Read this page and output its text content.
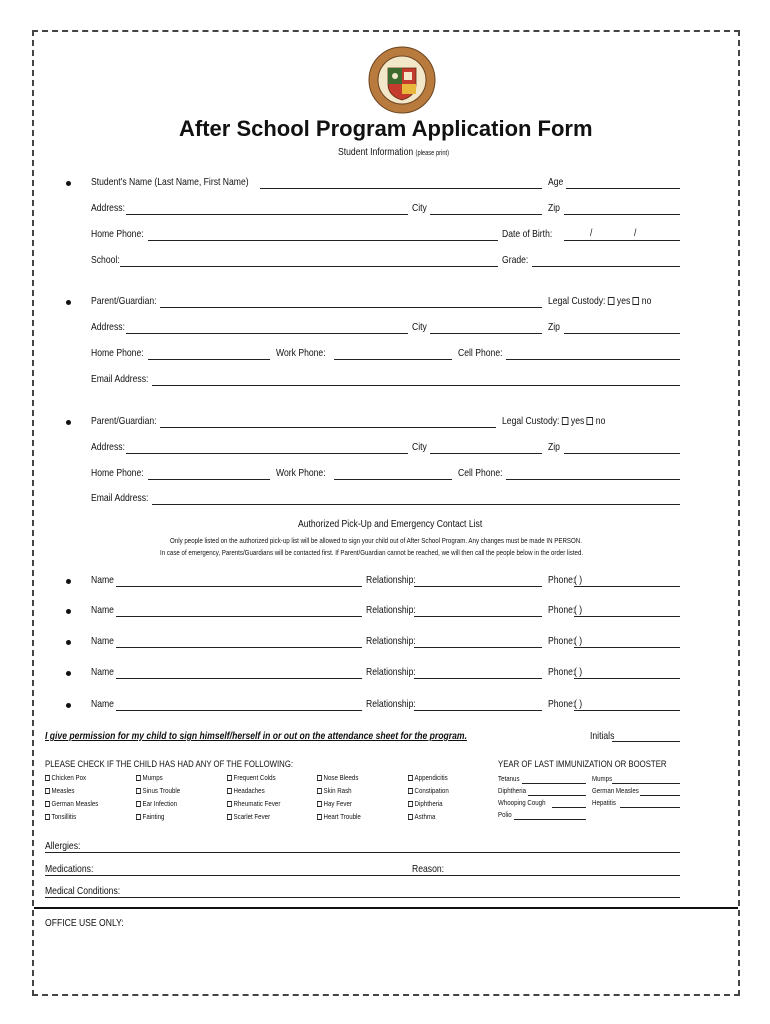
After School Program Application Form
Student Information (please print)
Student's Name (Last Name, First Name)	Age
Address:	City	Zip
Home Phone:	Date of Birth:	/	/
School:	Grade:
Parent/Guardian:	Legal Custody: yes no
Address:	City	Zip
Home Phone:	Work Phone:	Cell Phone:
Email Address:
Parent/Guardian:	Legal Custody: yes no
Address:	City	Zip
Home Phone:	Work Phone:	Cell Phone:
Email Address:
Authorized Pick-Up and Emergency Contact List
Only people listed on the authorized pick-up list will be allowed to sign your child out of After School Program. Any changes must be made IN PERSON.
In case of emergency, Parents/Guardians will be contacted first. If Parent/Guardian cannot be reached, we will then call the people below in the order listed.
Name	Relationship:	Phone:
( )
Name	Relationship:	Phone:
( )
Name	Relationship:	Phone:
( )
Name	Relationship:	Phone:
( )
Name	Relationship:	Phone:
( )
I give permission for my child to sign himself/herself in or out on the attendance sheet for the program.	Initials
PLEASE CHECK IF THE CHILD HAS HAD ANY OF THE FOLLOWING:
Chicken Pox
Measles
German Measles
Tonsillitis
Mumps
Sinus Trouble
Ear Infection
Fainting
Frequent Colds
Headaches
Rheumatic Fever
Scarlet Fever
Nose Bleeds
Skin Rash
Hay Fever
Heart Trouble
Appendicitis
Constipation
Diphtheria
Asthma
YEAR OF LAST IMMUNIZATION OR BOOSTER
Tetanus	Mumps
Diphtheria	German Measles
Whooping Cough	Hepatitis
Polio
Allergies:
Medications:	Reason:
Medical Conditions:
OFFICE USE ONLY:
